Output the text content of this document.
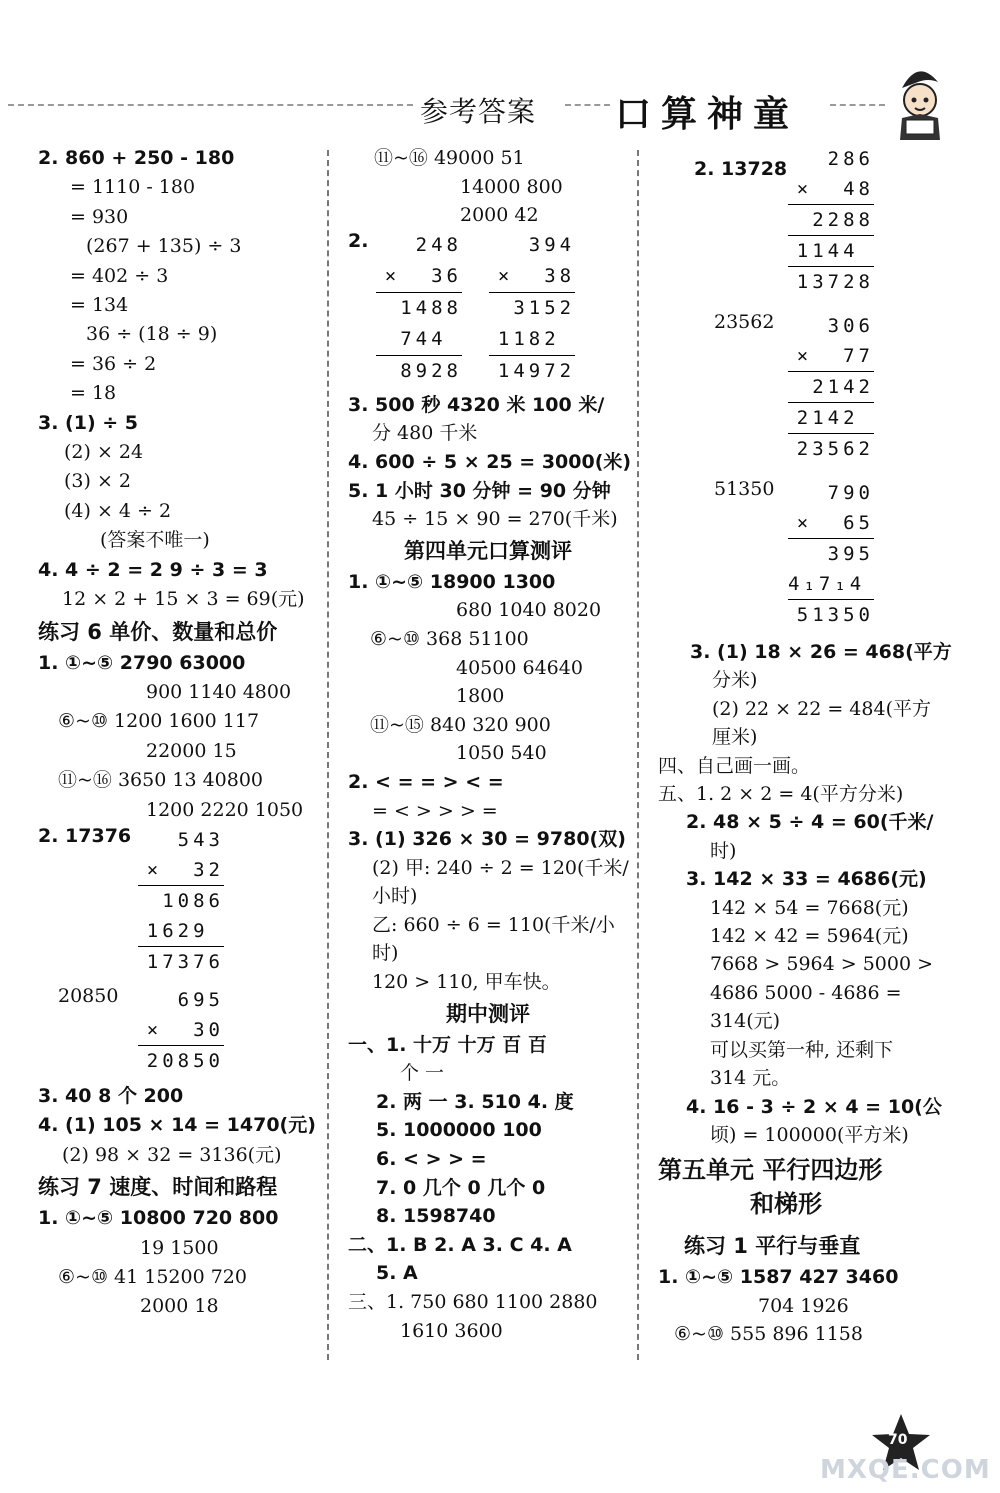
参考答案 口算神童
2. 860 + 250 - 180
= 1110 - 180
= 930
(267 + 135) ÷ 3
= 402 ÷ 3
= 134
36 ÷ (18 ÷ 9)
= 36 ÷ 2
= 18
3. (1) ÷ 5
(2) × 24
(3) × 2
(4) × 4 ÷ 2
(答案不唯一)
4. 4 ÷ 2 = 2 9 ÷ 3 = 3
12 × 2 + 15 × 3 = 69(元)
练习 6 单价、数量和总价
1. ①~⑤ 2790 63000
900 1140 4800
⑥~⑩ 1200 1600 117
22000 15
⑪~⑯ 3650 13 40800
1200 2220 1050
2. 17376	543
×  32
1086
1629
17376
20850	695
×  30
20850
3. 40 8 个 200
4. (1) 105 × 14 = 1470(元)
(2) 98 × 32 = 3136(元)
练习 7 速度、时间和路程
1. ①~⑤ 10800 720 800
19 1500
⑥~⑩ 41 15200 720
2000 18
⑪~⑯ 49000 51
14000 800
2000 42
2.	248
×  36
1488
744
8928

394
×  38
3152
1182
14972
3. 500 秒 4320 米 100 米/
分 480 千米
4. 600 ÷ 5 × 25 = 3000(米)
5. 1 小时 30 分钟 = 90 分钟
45 ÷ 15 × 90 = 270(千米)
第四单元口算测评
1. ①~⑤ 18900 1300
680 1040 8020
⑥~⑩ 368 51100
40500 64640
1800
⑪~⑮ 840 320 900
1050 540
2. < = = > < =
= < > > > =
3. (1) 326 × 30 = 9780(双)
(2) 甲: 240 ÷ 2 = 120(千米/
小时)
乙: 660 ÷ 6 = 110(千米/小
时)
120 > 110, 甲车快。
期中测评
一、1. 十万 十万 百 百
个 一
2. 两 一 3. 510 4. 度
5. 1000000 100
6. < > > =
7. 0 几个 0 几个 0
8. 1598740
二、1. B 2. A 3. C 4. A
5. A
三、1. 750 680 1100 2880
1610 3600
2. 13728	286
×  48
2288
1144
13728
23562	306
×  77
2142
2142
23562
51350	790
×  65
395
4₁7₁4
51350
3. (1) 18 × 26 = 468(平方
分米)
(2) 22 × 22 = 484(平方
厘米)
四、自己画一画。
五、1. 2 × 2 = 4(平方分米)
2. 48 × 5 ÷ 4 = 60(千米/
时)
3. 142 × 33 = 4686(元)
142 × 54 = 7668(元)
142 × 42 = 5964(元)
7668 > 5964 > 5000 >
4686 5000 - 4686 =
314(元)
可以买第一种, 还剩下
314 元。
4. 16 - 3 ÷ 2 × 4 = 10(公
顷) = 100000(平方米)
第五单元 平行四边形
和梯形
练习 1 平行与垂直
1. ①~⑤ 1587 427 3460
704 1926
⑥~⑩ 555 896 1158
70
MXQE.COM
